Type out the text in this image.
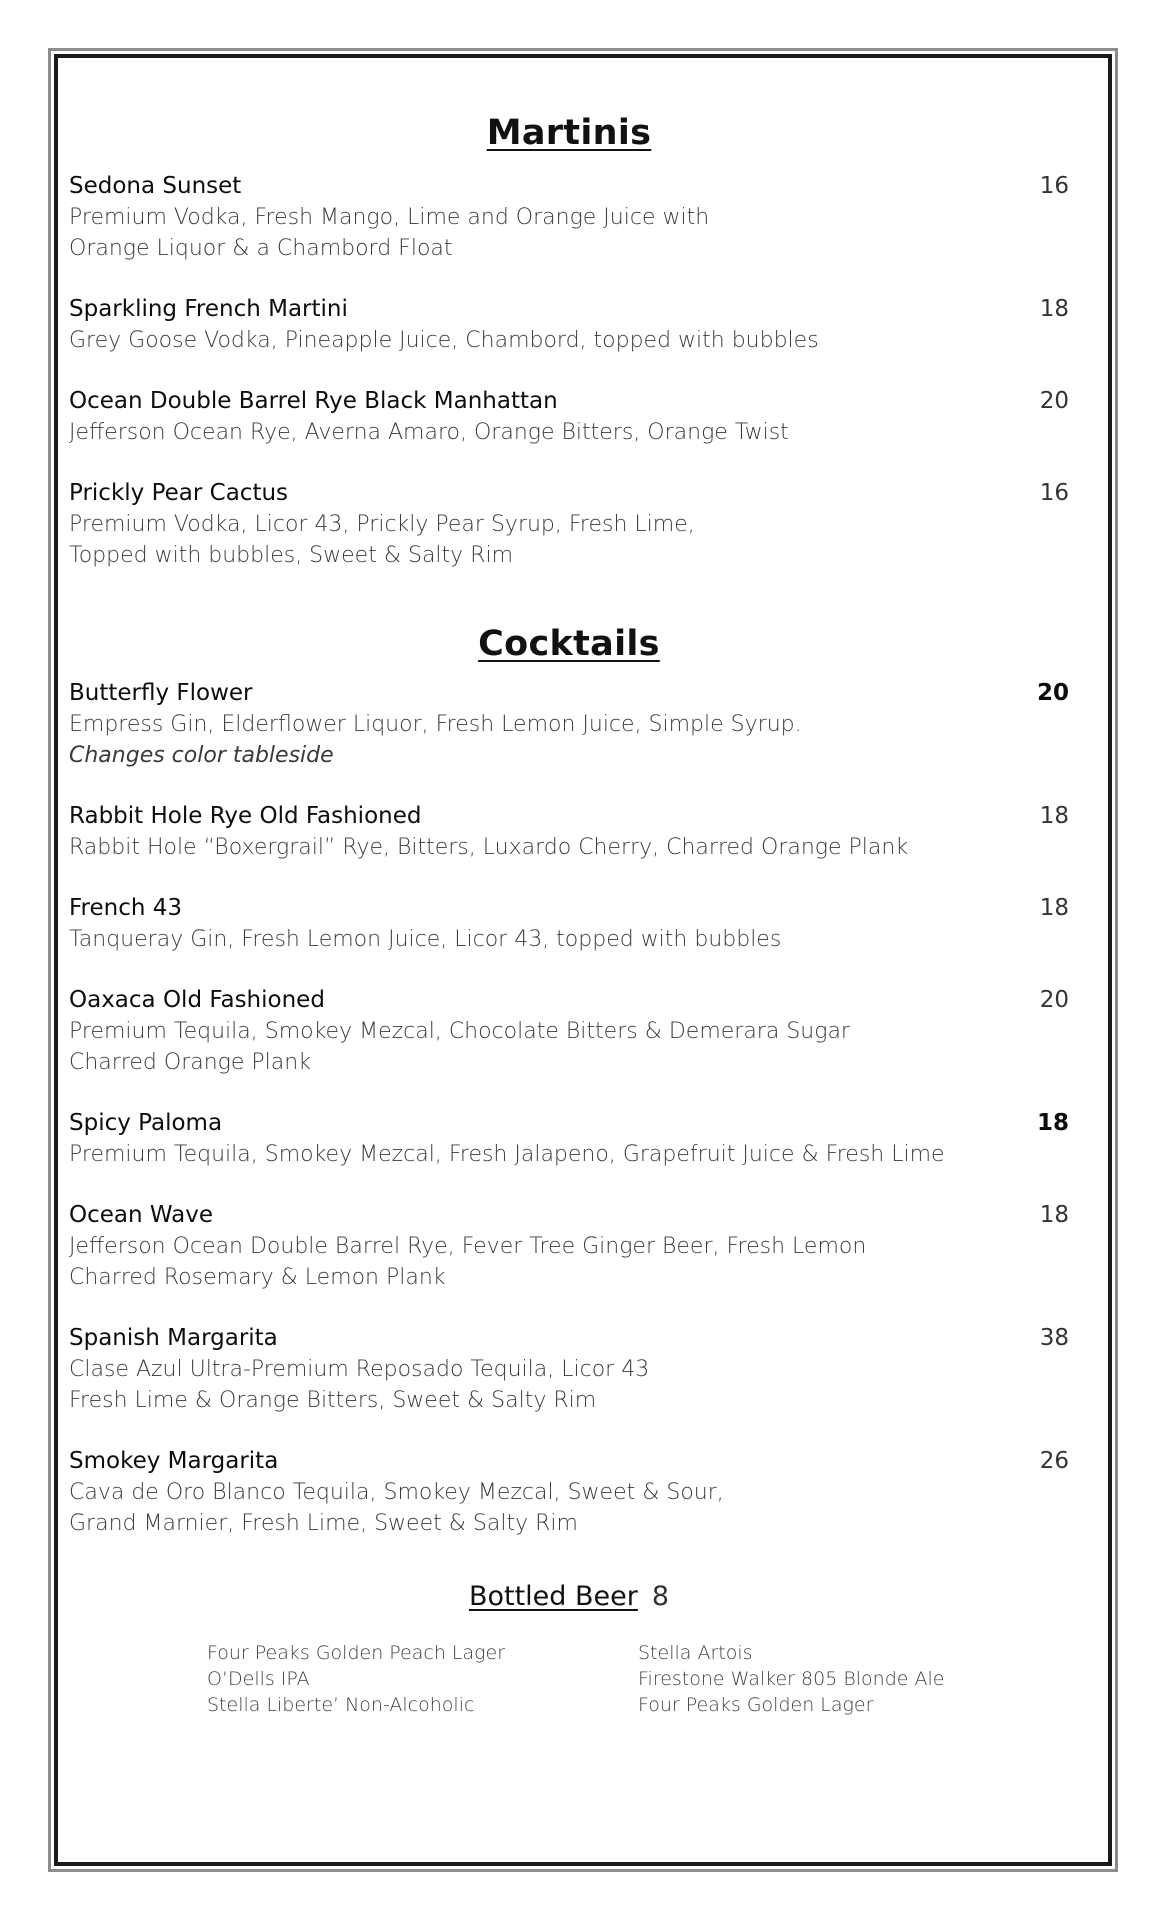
Martinis
Sedona Sunset	16
Premium Vodka, Fresh Mango, Lime and Orange Juice with
Orange Liquor & a Chambord Float
Sparkling French Martini	18
Grey Goose Vodka, Pineapple Juice, Chambord, topped with bubbles
Ocean Double Barrel Rye Black Manhattan	20
Jefferson Ocean Rye, Averna Amaro, Orange Bitters, Orange Twist
Prickly Pear Cactus	16
Premium Vodka, Licor 43, Prickly Pear Syrup, Fresh Lime,
Topped with bubbles, Sweet & Salty Rim
Cocktails
Butterfly Flower	20
Empress Gin, Elderflower Liquor, Fresh Lemon Juice, Simple Syrup.
Changes color tableside
Rabbit Hole Rye Old Fashioned	18
Rabbit Hole “Boxergrail” Rye, Bitters, Luxardo Cherry, Charred Orange Plank
French 43	18
Tanqueray Gin, Fresh Lemon Juice, Licor 43, topped with bubbles
Oaxaca Old Fashioned	20
Premium Tequila, Smokey Mezcal, Chocolate Bitters & Demerara Sugar
Charred Orange Plank
Spicy Paloma	18
Premium Tequila, Smokey Mezcal, Fresh Jalapeno, Grapefruit Juice & Fresh Lime
Ocean Wave	18
Jefferson Ocean Double Barrel Rye, Fever Tree Ginger Beer, Fresh Lemon
Charred Rosemary & Lemon Plank
Spanish Margarita	38
Clase Azul Ultra-Premium Reposado Tequila, Licor 43
Fresh Lime & Orange Bitters, Sweet & Salty Rim
Smokey Margarita	26
Cava de Oro Blanco Tequila, Smokey Mezcal, Sweet & Sour,
Grand Marnier, Fresh Lime, Sweet & Salty Rim
Bottled Beer 8
Four Peaks Golden Peach Lager
O’Dells IPA
Stella Liberte’ Non-Alcoholic
Stella Artois
Firestone Walker 805 Blonde Ale
Four Peaks Golden Lager
